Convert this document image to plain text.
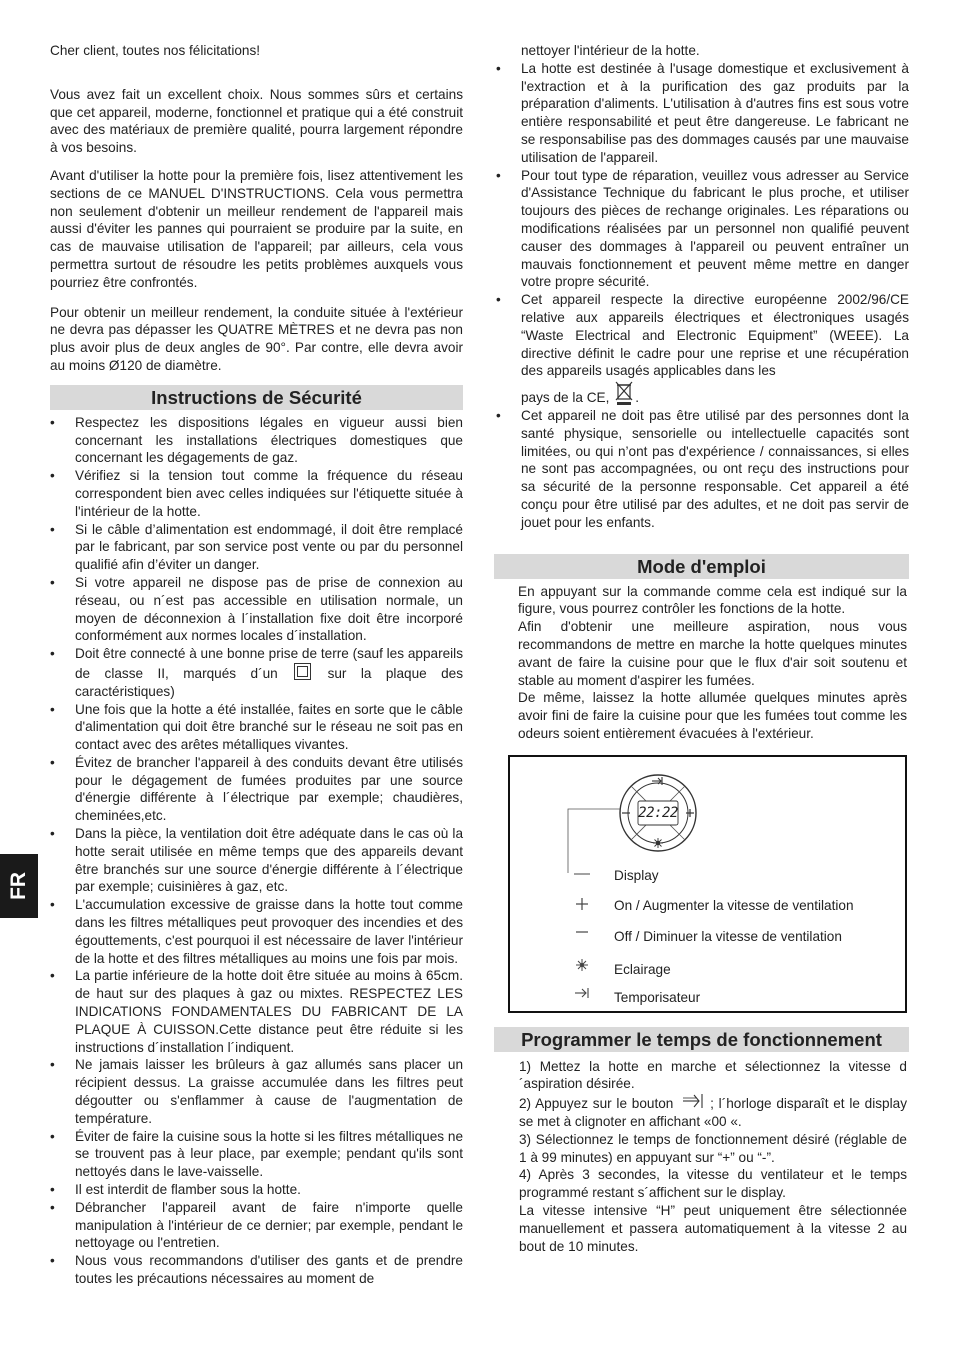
FR

Cher client, toutes nos félicitations!

Vous avez fait un excellent choix. Nous sommes sûrs et certains que cet appareil, moderne, fonctionnel et pratique qui a été construit avec des matériaux de première qualité, pourra largement répondre à vos besoins.

Avant d'utiliser la hotte pour la première fois, lisez attentivement les sections de ce MANUEL D'INSTRUCTIONS. Cela vous permettra non seulement d'obtenir un meilleur rendement de l'appareil mais aussi d'éviter les pannes qui pourraient se produire par la suite, en cas de mauvaise utilisation de l'appareil; par ailleurs, cela vous permettra surtout de résoudre les petits problèmes auxquels vous pourriez être confrontés.

Pour obtenir un meilleur rendement, la conduite située à l'extérieur ne devra pas dépasser les QUATRE MÈTRES et ne devra pas non plus avoir plus de deux angles de 90°. Par contre, elle devra avoir au moins Ø120 de diamètre.

Instructions de Sécurité
• Respectez les dispositions légales en vigueur aussi bien concernant les installations électriques domestiques que concernant les dégagements de gaz.
• Vérifiez si la tension tout comme la fréquence du réseau correspondent bien avec celles indiquées sur l'étiquette située à l'intérieur de la hotte.
• Si le câble d’alimentation est endommagé, il doit être remplacé par le fabricant, par son service post vente ou par du personnel qualifié afin d’éviter un danger.
• Si votre appareil ne dispose pas de prise de connexion au réseau, ou n´est pas accessible en utilisation normale, un moyen de déconnexion à l´installation fixe doit être incorporé conformément aux normes locales d´installation.
• Doit être connecté à une bonne prise de terre (sauf les appareils de classe II, marqués d´un	sur la plaque des caractéristiques)
• Une fois que la hotte a été installée, faites en sorte que le câble d'alimentation qui doit être branché sur le réseau ne soit pas en contact avec des arêtes métalliques vivantes.
• Évitez de brancher l'appareil à des conduits devant être utilisés pour le dégagement de fumées produites par une source d'énergie différente à l´électrique par exemple; chaudières, cheminées,etc.
• Dans la pièce, la ventilation doit être adéquate dans le cas où la hotte serait utilisée en même temps que des appareils devant être branchés sur une source d'énergie différente à l´électrique par exemple; cuisinières à gaz, etc.
• L'accumulation excessive de graisse dans la hotte tout comme dans les filtres métalliques peut provoquer des incendies et des égouttements, c'est pourquoi il est nécessaire de laver l'intérieur de la hotte et des filtres métalliques au moins une fois par mois.
• La partie inférieure de la hotte doit être située au moins à 65cm. de haut sur des plaques à gaz ou mixtes. RESPECTEZ LES INDICATIONS FONDAMENTALES DU FABRICANT DE LA PLAQUE À CUISSON.Cette distance peut être réduite si les instructions d´installation l´indiquent.
• Ne jamais laisser les brûleurs à gaz allumés sans placer un récipient dessus. La graisse accumulée dans les filtres peut dégoutter ou s'enflammer à cause de l'augmentation de température.
• Éviter de faire la cuisine sous la hotte si les filtres métalliques ne se trouvent pas à leur place, par exemple; pendant qu'ils sont nettoyés dans le lave-vaisselle.
• Il est interdit de flamber sous la hotte.
• Débrancher l'appareil avant de faire n'importe quelle manipulation à l'intérieur de ce dernier; par exemple, pendant le nettoyage ou l'entretien.
• Nous vous recommandons d'utiliser des gants et de prendre toutes les précautions nécessaires au moment de
nettoyer l'intérieur de la hotte.
• La hotte est destinée à l'usage domestique et exclusivement à l'extraction et à la purification des gaz produits par la préparation d'aliments. L'utilisation à d'autres fins est sous votre entière responsabilité et peut être dangereuse. Le fabricant ne se responsabilise pas des dommages causés par une mauvaise utilisation de l'appareil.
• Pour tout type de réparation, veuillez vous adresser au Service d'Assistance Technique du fabricant le plus proche, et utiliser toujours des pièces de rechange originales. Les réparations ou modifications réalisées par un personnel non qualifié peuvent causer des dommages à l'appareil ou peuvent entraîner un mauvais fonctionnement et peuvent même mettre en danger votre propre sécurité.
• Cet appareil respecte la directive européenne 2002/96/CE relative aux appareils électriques et électroniques usagés “Waste Electrical and Electronic Equipment” (WEEE). La directive définit le cadre pour une reprise et une récupération des appareils usagés applicables dans les
pays de la CE, .
• Cet appareil ne doit pas être utilisé par des personnes dont la santé physique, sensorielle ou intellectuelle capacités sont limitées, ou qui n’ont pas d'expérience / connaissances, si elles ne sont pas accompagnées, ou ont reçu des instructions pour sa sécurité de la personne responsable. Cet appareil a été conçu pour être utilisé par des adultes, et ne doit pas servir de jouet pour les enfants.
Mode d'emploi
En appuyant sur la commande comme cela est indiqué sur la figure, vous pourrez contrôler les fonctions de la hotte.
Afin d'obtenir une meilleure aspiration, nous vous recommandons de mettre en marche la hotte quelques minutes avant de faire la cuisine pour que le flux d'air soit soutenu et stable au moment d'aspirer les fumées.
De même, laissez la hotte allumée quelques minutes après avoir fini de faire la cuisine pour que les fumées tout comme les odeurs soient entièrement évacuées à l'extérieur.
22:22
Display
On / Augmenter la vitesse de ventilation
Off / Diminuer la vitesse de ventilation
Eclairage
Temporisateur
Programmer le temps de fonctionnement
1) Mettez la hotte en marche et sélectionnez la vitesse d´aspiration désirée.
2) Appuyez sur le bouton	; l´horloge disparaît et le display se met à clignoter en affichant «00 «.
3) Sélectionnez le temps de fonctionnement désiré (réglable de 1 à 99 minutes) en appuyant sur “+” ou “-”.
4) Après 3 secondes, la vitesse du ventilateur et le temps programmé restant s´affichent sur le display.
La vitesse intensive “H” peut uniquement être sélectionnée manuellement et passera automatiquement à la vitesse 2 au bout de 10 minutes.
